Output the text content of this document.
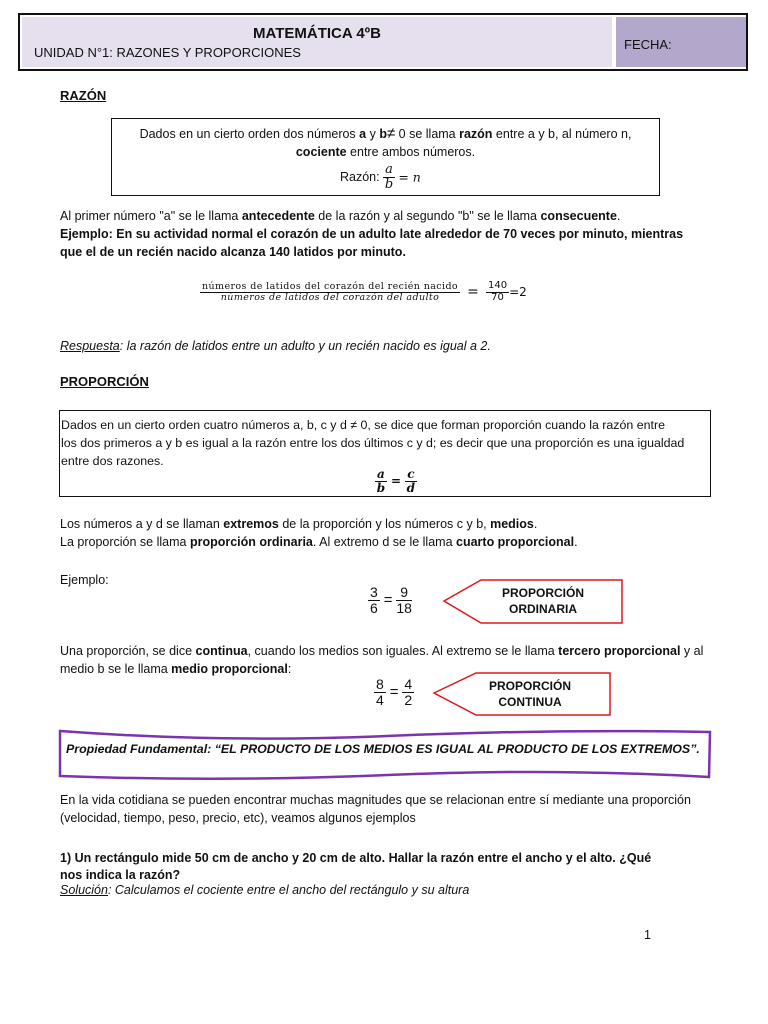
MATEMÁTICA 4ºB
UNIDAD N°1: RAZONES Y PROPORCIONES
FECHA:
RAZÓN
Dados en un cierto orden dos números a y b≠ 0 se llama razón entre a y b, al número n,
cociente entre ambos números.
Razón: $\frac{a}{b} = n$
Al primer número "a" se le llama antecedente de la razón y al segundo "b" se le llama consecuente.
Ejemplo: En su actividad normal el corazón de un adulto late alrededor de 70 veces por minuto, mientras
que el de un recién nacido alcanza 140 latidos por minuto.
$\frac{\text{números de latidos del corazón del recién nacido}}{\text{números de latidos del corazón del adulto}} = \frac{140}{70} =2$
Respuesta: la razón de latidos entre un adulto y un recién nacido es igual a 2.
PROPORCIÓN
Dados en un cierto orden cuatro números a, b, c y d ≠ 0, se dice que forman proporción cuando la razón entre
los dos primeros a y b es igual a la razón entre los dos últimos c y d; es decir que una proporción es una igualdad
entre dos razones.
$\frac{a}{b} = \frac{c}{d}$
Los números a y d se llaman extremos de la proporción y los números c y b, medios.
La proporción se llama proporción ordinaria. Al extremo d se le llama cuarto proporcional.
Ejemplo:
$\frac{3}{6} = \frac{9}{18}$	PROPORCIÓN
ORDINARIA
Una proporción, se dice continua, cuando los medios son iguales. Al extremo se le llama tercero proporcional y al
medio b se le llama medio proporcional:
$\frac{8}{4} = \frac{4}{2}$	PROPORCIÓN
CONTINUA
Propiedad Fundamental: “EL PRODUCTO DE LOS MEDIOS ES IGUAL AL PRODUCTO DE LOS EXTREMOS”.
En la vida cotidiana se pueden encontrar muchas magnitudes que se relacionan entre sí mediante una proporción
(velocidad, tiempo, peso, precio, etc), veamos algunos ejemplos
1) Un rectángulo mide 50 cm de ancho y 20 cm de alto. Hallar la razón entre el ancho y el alto. ¿Qué
nos indica la razón?
Solución: Calculamos el cociente entre el ancho del rectángulo y su altura
1
